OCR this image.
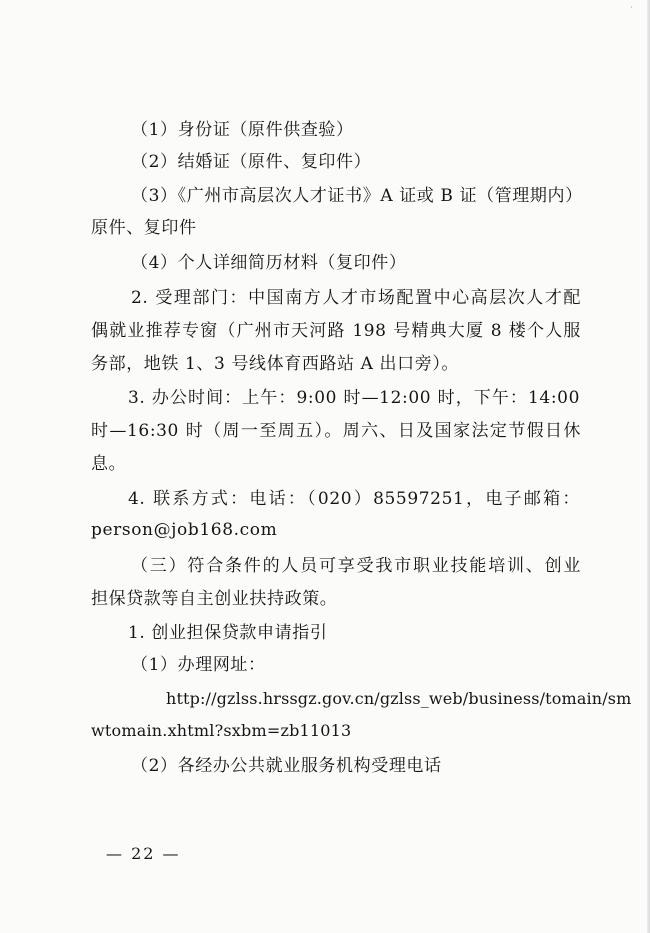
（1）身份证（原件供查验）
（2）结婚证（原件、复印件）
（3）《广州市高层次人才证书》A 证或 B 证（管理期内）
原件、复印件
（4）个人详细简历材料（复印件）
2. 受理部门：中国南方人才市场配置中心高层次人才配
偶就业推荐专窗（广州市天河路 198 号精典大厦 8 楼个人服
务部，地铁 1、3 号线体育西路站 A 出口旁）。
3. 办公时间：上午：9:00 时—12:00 时，下午：14:00
时—16:30 时（周一至周五）。周六、日及国家法定节假日休
息。
4. 联系方式：电话：（020）85597251，电子邮箱：
person@job168.com
（三）符合条件的人员可享受我市职业技能培训、创业
担保贷款等自主创业扶持政策。
1. 创业担保贷款申请指引
（1）办理网址：
http://gzlss.hrssgz.gov.cn/gzlss_web/business/tomain/sm
wtomain.xhtml?sxbm=zb11013
（2）各经办公共就业服务机构受理电话
— 22 —
